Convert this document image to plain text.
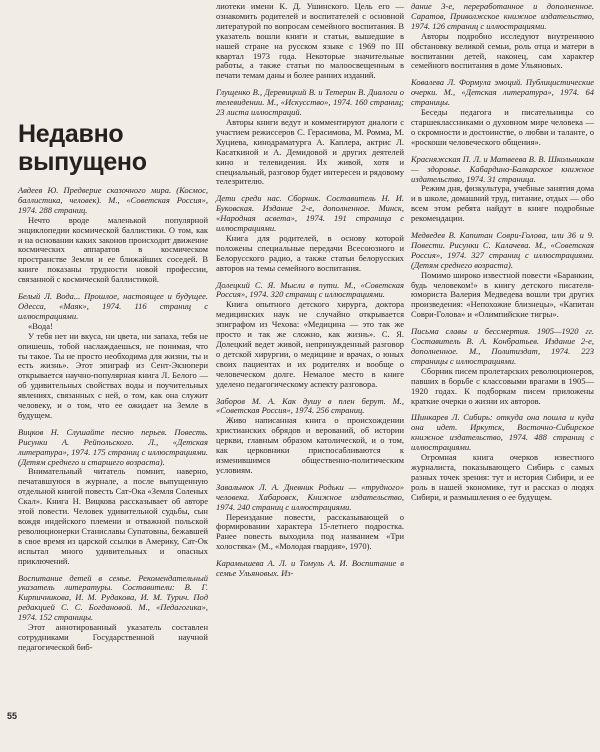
Недавно выпущено

Авдеев Ю. Предверие сказочного мира. (Космос, баллистика, человек). М., «Советская Россия», 1974. 288 страниц.

Нечто вроде маленькой популярной энциклопедии космической баллистики. О том, как и на основании каких законов происходит движение космических аппаратов в космическом пространстве Земли и ее ближайших соседей. В книге показаны трудности новой профессии, связанной с космической баллистикой.

Белый Л. Вода... Прошлое, настоящее и будущее. Одесса, «Маяк», 1974. 116 страниц с иллюстрациями.

«Вода!

У тебя нет ни вкуса, ни цвета, ни запаха, тебя не опишешь, тобой наслаждаешься, не понимая, что ты такое. Ты не просто необходима для жизни, ты и есть жизнь». Этот эпиграф из Сент-Экзюпери открывается научно-популярная книга Л. Белого — об удивительных свойствах воды и поучительных явлениях, связанных с ней, о том, как она служит человеку, и о том, что ее ожидает на Земле в будущем.

Вицков Н. Слушайте песню перьев. Повесть. Рисунки А. Рейпольского. Л., «Детская литература», 1974. 175 страниц с иллюстрациями. (Детям среднего и старшего возраста).

Внимательный читатель помнит, наверно, печатавшуюся в журнале, а после выпущенную отдельной книгой повесть Сат-Ока «Земля Соленых Скал». Книга Н. Вицкова рассказывает об авторе этой повести. Человек удивительной судьбы, сын вождя индейского племени и отважной польской революционерки Станиславы Супатовны, бежавшей в свое время из царской ссылки в Америку, Сат-Ок испытал много удивительных и опасных приключений.

Воспитание детей в семье. Рекомендательный указатель литературы. Составители: В. Г. Кирпичникова, И. М. Рудакова, И. М. Турич. Под редакцией С. С. Богдановой. М., «Педагогика», 1974. 152 страницы.

Этот аннотированный указатель составлен сотрудниками Государственной научной педагогической биб-

лиотеки имени К. Д. Ушинского. Цель его — ознакомить родителей и воспитателей с основной литературой по вопросам семейного воспитания. В указатель вошли книги и статьи, вышедшие в нашей стране на русском языке с 1969 по III квартал 1973 года. Некоторые значительные работы, а также статьи по малоосвещенным в печати темам даны и более ранних изданий.

Глущенко В., Деревицкий В. и Тетерин В. Диалоги о телевидении. М., «Искусство», 1974. 160 страниц; 23 листа иллюстраций.

Авторы книги ведут и комментируют диалоги с участием режиссеров С. Герасимова, М. Ромма, М. Хуциева, кинодраматурга А. Каплера, актрис Л. Касаткиной и А. Демидовой и других деятелей кино и телевидения. Их живой, хотя и специальный, разговор будет интересен и рядовому телезрителю.

Дети среди нас. Сборник. Составитель Н. И. Буковская. Издание 2-е, дополненное. Минск, «Народная асвета», 1974. 191 страница с иллюстрациями.

Книга для родителей, в основу которой положены специальные передачи Всесоюзного и Белорусского радио, а также статьи белорусских авторов на темы семейного воспитания.

Долецкий С. Я. Мысли в пути. М., «Советская Россия», 1974. 320 страниц с иллюстрациями.

Книга опытного детского хирурга, доктора медицинских наук не случайно открывается эпиграфом из Чехова: «Медицина — это так же просто и так же сложно, как жизнь». С. Я. Долецкий ведет живой, непринужденный разговор о детской хирургии, о медицине и врачах, о юных своих пациентах и их родителях и вообще о человеческом долге. Немалое место в книге уделено педагогическому аспекту разговора.

Заборов М. А. Как душу в плен берут. М., «Советская Россия», 1974. 256 страниц.

Живо написанная книга о происхождении христианских обрядов и верований, об истории церкви, главным образом католической, и о том, как церковники приспосабливаются к изменившимся общественно-политическим условиям.

Завальнюк Л. А. Дневник Родьки — «трудного» человека. Хабаровск, Книжное издательство, 1974. 240 страниц с иллюстрациями.

Переиздание повести, рассказывающей о формировании характера 15-летнего подростка. Ранее повесть выходила под названием «Три холостяка» (М., «Молодая гвардия», 1970).

Карамышева А. Л. и Томуль А. И. Воспитание в семье Ульяновых. Из-

дание 3-е, переработанное и дополненное. Саратов, Приволжское книжное издательство, 1974. 126 страниц с иллюстрациями.

Авторы подробно исследуют внутреннюю обстановку великой семьи, роль отца и матери в воспитании детей, наконец, сам характер семейного воспитания в доме Ульяновых.

Ковалева Л. Формула эмоций. Публицистические очерки. М., «Детская литература», 1974. 64 страницы.

Беседы педагога и писательницы со старшеклассниками о духовном мире человека — о скромности и достоинстве, о любви и таланте, о «роскоши человеческого общения».

Красняжская П. Л. и Матвеева В. В. Школьникам — здоровье. Кабардино-Балкарское книжное издательство, 1974. 31 страница.

Режим дня, физкультура, учебные занятия дома и в школе, домашний труд, питание, отдых — обо всем этом ребята найдут в книге подробные рекомендации.

Медведев В. Капитан Соври-Голова, или 36 и 9. Повести. Рисунки С. Калачева. М., «Советская Россия», 1974. 327 страниц с иллюстрациями. (Детям среднего возраста).

Помимо широко известной повести «Баранкин, будь человеком!» в книгу детского писателя-юмориста Валерия Медведева вошли три других произведения: «Непохожие близнецы», «Капитан Соври-Голова» и «Олимпийские тигры».

Письма славы и бессмертия. 1905—1920 гг. Составитель В. А. Конбратьев. Издание 2-е, дополненное. М., Политиздат, 1974. 223 страницы с иллюстрациями.

Сборник писем пролетарских революционеров, павших в борьбе с классовыми врагами в 1905—1920 годах. К подборкам писем приложены краткие очерки о жизни их авторов.

Шинкарев Л. Сибирь: откуда она пошла и куда она идет. Иркутск, Восточно-Сибирское книжное издательство, 1974. 488 страниц с иллюстрациями.

Огромная книга очерков известного журналиста, показывающего Сибирь с самых разных точек зрения: тут и история Сибири, и ее роль в нашей экономике, тут и рассказ о людях Сибири, и размышления о ее будущем.

55
